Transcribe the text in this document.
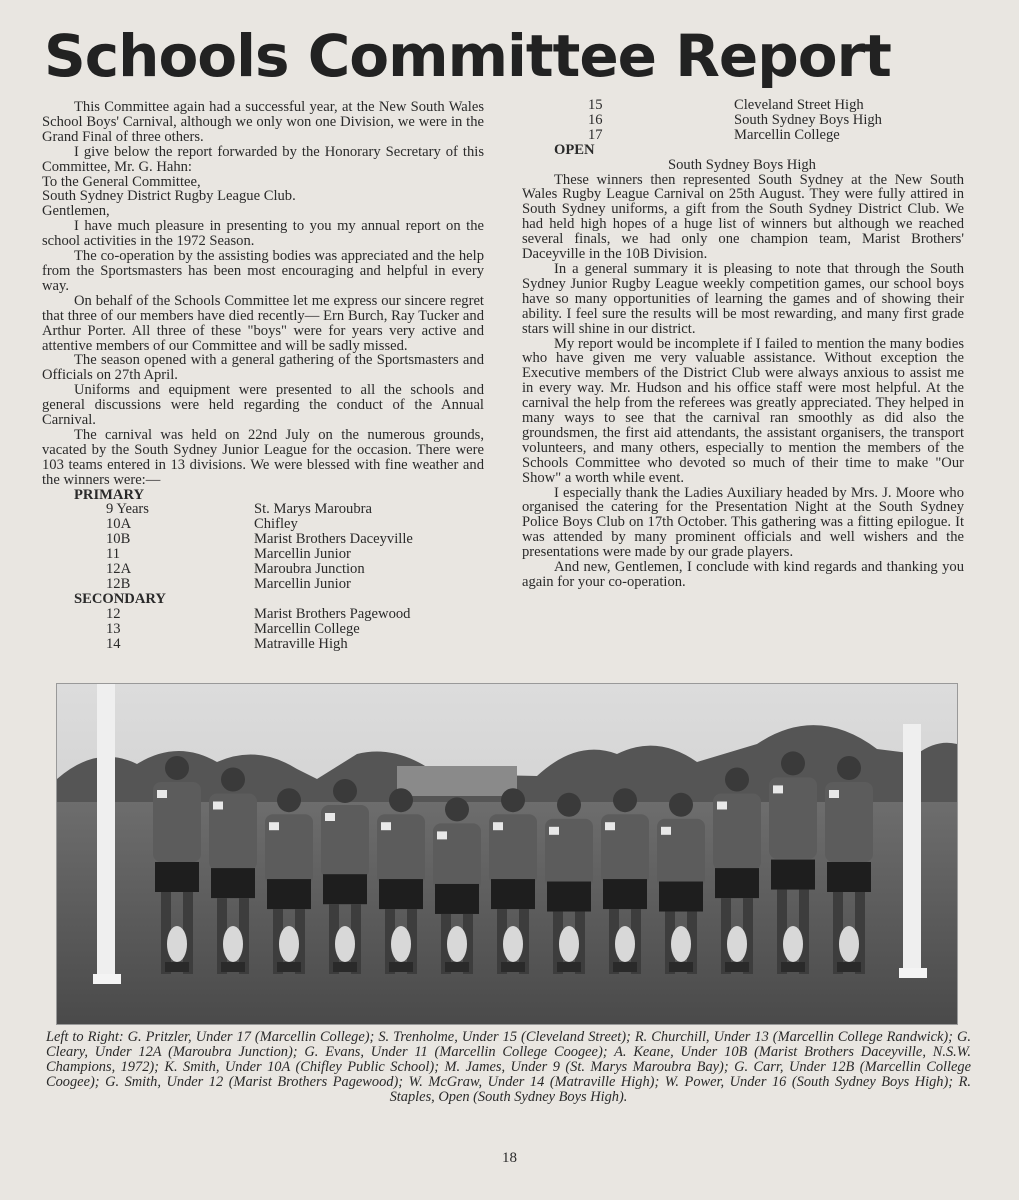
Schools Committee Report

This Committee again had a successful year, at the New South Wales School Boys' Carnival, although we only won one Division, we were in the Grand Final of three others.

I give below the report forwarded by the Honorary Secretary of this Committee, Mr. G. Hahn:

To the General Committee,

South Sydney District Rugby League Club.

Gentlemen,

I have much pleasure in presenting to you my annual report on the school activities in the 1972 Season.

The co-operation by the assisting bodies was appreciated and the help from the Sportsmasters has been most encouraging and helpful in every way.

On behalf of the Schools Committee let me express our sincere regret that three of our members have died recently— Ern Burch, Ray Tucker and Arthur Porter. All three of these "boys" were for years very active and attentive members of our Committee and will be sadly missed.

The season opened with a general gathering of the Sportsmasters and Officials on 27th April.

Uniforms and equipment were presented to all the schools and general discussions were held regarding the conduct of the Annual Carnival.

The carnival was held on 22nd July on the numerous grounds, vacated by the South Sydney Junior League for the occasion. There were 103 teams entered in 13 divisions. We were blessed with fine weather and the winners were:—

PRIMARY

9 Years	St. Marys Maroubra
10A	Chifley
10B	Marist Brothers Daceyville
11	Marcellin Junior
12A	Maroubra Junction
12B	Marcellin Junior

SECONDARY

12	Marist Brothers Pagewood
13	Marcellin College
14	Matraville High
15	Cleveland Street High
16	South Sydney Boys High
17	Marcellin College

OPEN

South Sydney Boys High

These winners then represented South Sydney at the New South Wales Rugby League Carnival on 25th August. They were fully attired in South Sydney uniforms, a gift from the South Sydney District Club. We had held high hopes of a huge list of winners but although we reached several finals, we had only one champion team, Marist Brothers' Daceyville in the 10B Division.

In a general summary it is pleasing to note that through the South Sydney Junior Rugby League weekly competition games, our school boys have so many opportunities of learning the games and of showing their ability. I feel sure the results will be most rewarding, and many first grade stars will shine in our district.

My report would be incomplete if I failed to mention the many bodies who have given me very valuable assistance. Without exception the Executive members of the District Club were always anxious to assist me in every way. Mr. Hudson and his office staff were most helpful. At the carnival the help from the referees was greatly appreciated. They helped in many ways to see that the carnival ran smoothly as did also the groundsmen, the first aid attendants, the assistant organisers, the transport volunteers, and many others, especially to mention the members of the Schools Committee who devoted so much of their time to make "Our Show" a worth while event.

I especially thank the Ladies Auxiliary headed by Mrs. J. Moore who organised the catering for the Presentation Night at the South Sydney Police Boys Club on 17th October. This gathering was a fitting epilogue. It was attended by many prominent officials and well wishers and the presentations were made by our grade players.

And new, Gentlemen, I conclude with kind regards and thanking you again for your co-operation.

Left to Right: G. Pritzler, Under 17 (Marcellin College); S. Trenholme, Under 15 (Cleveland Street); R. Churchill, Under 13 (Marcellin College Randwick); G. Cleary, Under 12A (Maroubra Junction); G. Evans, Under 11 (Marcellin College Coogee); A. Keane, Under 10B (Marist Brothers Daceyville, N.S.W. Champions, 1972); K. Smith, Under 10A (Chifley Public School); M. James, Under 9 (St. Marys Maroubra Bay); G. Carr, Under 12B (Marcellin College Coogee); G. Smith, Under 12 (Marist Brothers Pagewood); W. McGraw, Under 14 (Matraville High); W. Power, Under 16 (South Sydney Boys High); R. Staples, Open (South Sydney Boys High).

18
